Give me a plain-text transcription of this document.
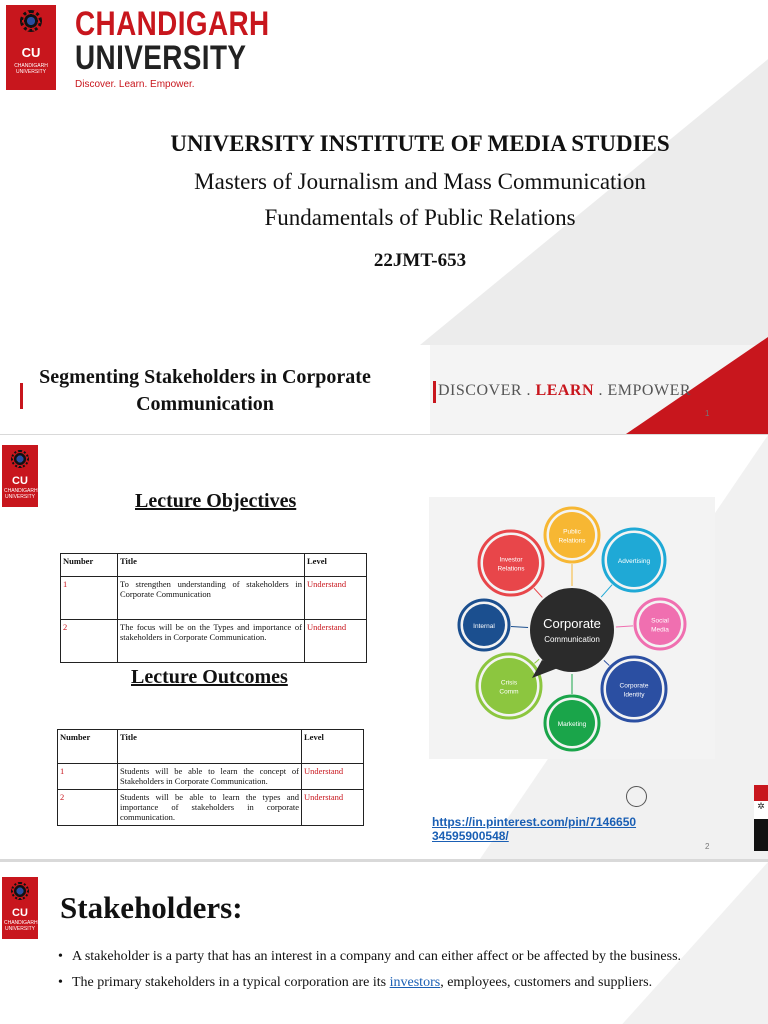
CU
CHANDIGARH UNIVERSITY
CHANDIGARH
UNIVERSITY
Discover. Learn. Empower.
UNIVERSITY INSTITUTE OF MEDIA STUDIES
Masters of Journalism and Mass Communication
Fundamentals of Public Relations
22JMT-653
Segmenting Stakeholders in Corporate
Communication
DISCOVER . LEARN . EMPOWER
1
CU
CHANDIGARH UNIVERSITY	Lecture Objectives
Number	Title	Level
1	To strengthen understanding of stakeholders in Corporate Communication	Understand
2	The focus will be on the Types and importance of stakeholders in Corporate Communication.	Understand
Lecture Outcomes
Number	Title	Level
1	Students will be able to learn the concept of Stakeholders in Corporate Communication.	Understand
2	Students will be able to learn the types and importance of stakeholders in corporate communication.	Understand
Public
Relations
Advertising
Social
Media
Corporate
Identity
Marketing
Crisis
Comm
Internal
Investor
Relations
Corporate
Communication
https://in.pinterest.com/pin/7146650
34595900548/
✲
2
CU
CHANDIGARH UNIVERSITY
Stakeholders:
• A stakeholder is a party that has an interest in a company and can either affect or be affected by the business.
• The primary stakeholders in a typical corporation are its investors, employees, customers and suppliers.
